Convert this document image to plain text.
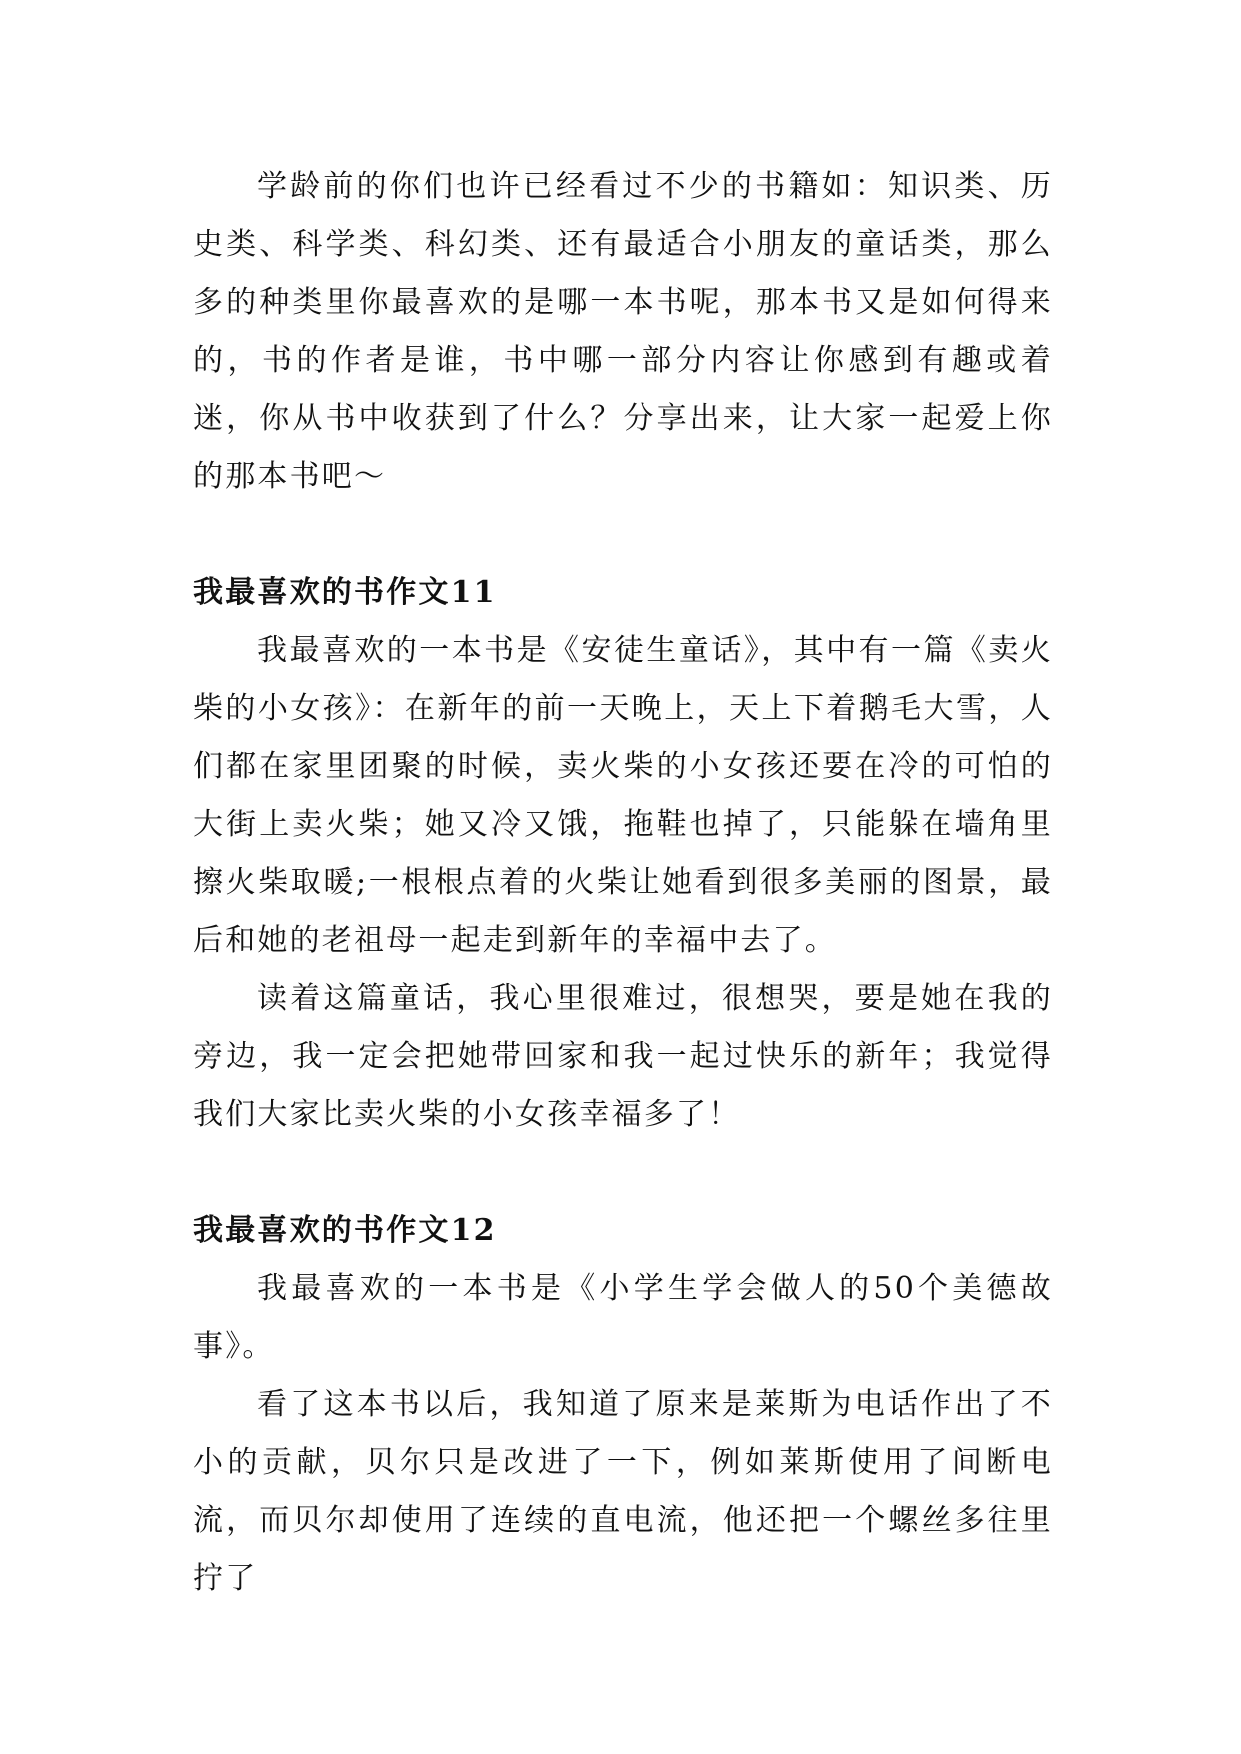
学龄前的你们也许已经看过不少的书籍如：知识类、历史类、科学类、科幻类、还有最适合小朋友的童话类，那么多的种类里你最喜欢的是哪一本书呢，那本书又是如何得来的，书的作者是谁，书中哪一部分内容让你感到有趣或着迷，你从书中收获到了什么？分享出来，让大家一起爱上你的那本书吧～

我最喜欢的书作文11

我最喜欢的一本书是《安徒生童话》，其中有一篇《卖火柴的小女孩》：在新年的前一天晚上，天上下着鹅毛大雪，人们都在家里团聚的时候，卖火柴的小女孩还要在冷的可怕的大街上卖火柴；她又冷又饿，拖鞋也掉了，只能躲在墙角里擦火柴取暖;一根根点着的火柴让她看到很多美丽的图景，最后和她的老祖母一起走到新年的幸福中去了。

读着这篇童话，我心里很难过，很想哭，要是她在我的旁边，我一定会把她带回家和我一起过快乐的新年；我觉得我们大家比卖火柴的小女孩幸福多了！

我最喜欢的书作文12

我最喜欢的一本书是《小学生学会做人的50个美德故事》。

看了这本书以后，我知道了原来是莱斯为电话作出了不小的贡献，贝尔只是改进了一下，例如莱斯使用了间断电流，而贝尔却使用了连续的直电流，他还把一个螺丝多往里拧了
